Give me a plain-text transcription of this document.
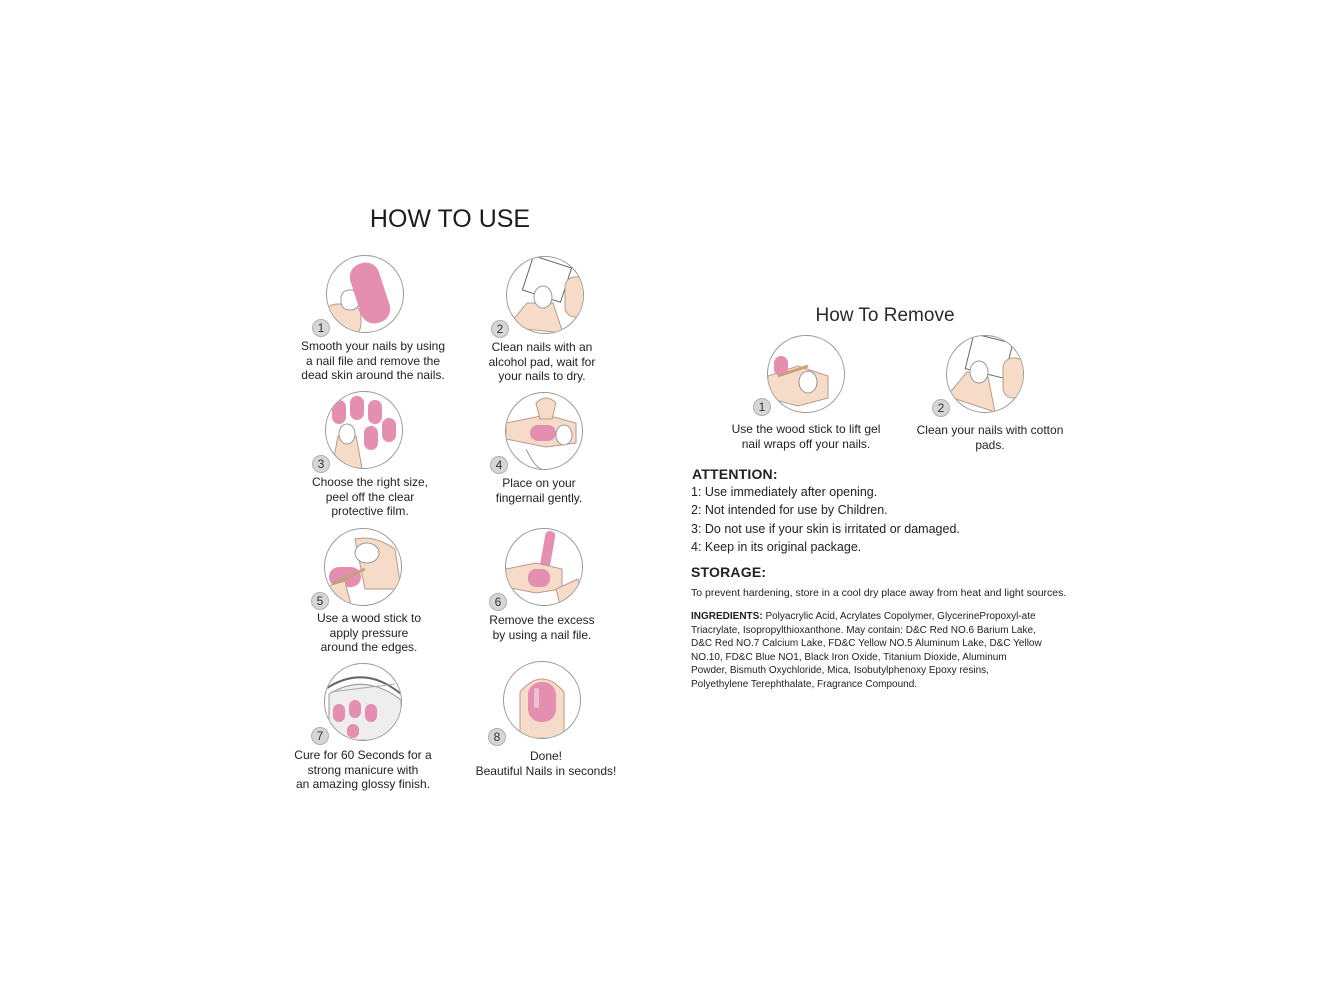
HOW TO USE
1
Smooth your nails by using
a nail file and remove the
dead skin around the nails.
2
Clean nails with an
alcohol pad, wait for
your nails to dry.
3
Choose the right size,
peel off the clear
protective film.
4
Place on your
fingernail gently.
5
Use a wood stick to
apply pressure
around the edges.
6
Remove the excess
by using a nail file.
7
Cure for 60 Seconds for a
strong manicure with
an amazing glossy finish.
8
Done!
Beautiful Nails in seconds!
How To Remove
1
Use the wood stick to lift gel
nail wraps off your nails.
2
Clean your nails with cotton
pads.
ATTENTION:
1: Use immediately after opening.
2: Not intended for use by Children.
3: Do not use if your skin is irritated or damaged.
4: Keep in its original package.
STORAGE:
To prevent hardening, store in a cool dry place away from heat and light sources.
INGREDIENTS: Polyacrylic Acid, Acrylates Copolymer, GlycerinePropoxyl-ate Triacrylate, Isopropylthioxanthone. May contain: D&C Red NO.6 Barium Lake, D&C Red NO.7 Calcium Lake, FD&C Yellow NO.5 Aluminum Lake, D&C Yellow NO.10, FD&C Blue NO1, Black Iron Oxide, Titanium Dioxide, Aluminum Powder, Bismuth Oxychloride, Mica, Isobutylphenoxy Epoxy resins, Polyethylene Terephthalate, Fragrance Compound.
